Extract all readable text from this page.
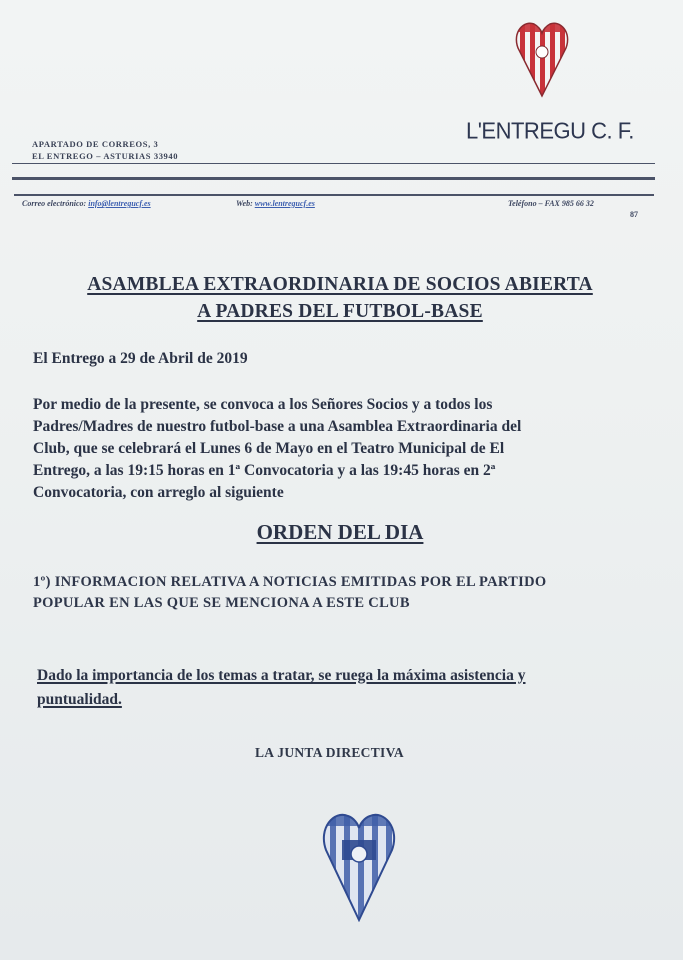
APARTADO DE CORREOS, 3
EL ENTREGO – ASTURIAS 33940
L'ENTREGU C. F.
Correo electrónico: info@lentregucf.es	Web: www.lentregucf.es	Teléfono – FAX 985 66 32
87
ASAMBLEA EXTRAORDINARIA DE SOCIOS ABIERTA
A PADRES DEL FUTBOL-BASE
El Entrego a 29 de Abril de 2019
Por medio de la presente, se convoca a los Señores Socios y a todos los
Padres/Madres de nuestro futbol-base a una Asamblea Extraordinaria del
Club, que se celebrará el Lunes 6 de Mayo en el Teatro Municipal de El
Entrego, a las 19:15 horas en 1ª Convocatoria y a las 19:45 horas en 2ª
Convocatoria, con arreglo al siguiente
ORDEN DEL DIA
1º) INFORMACION RELATIVA A NOTICIAS EMITIDAS POR EL PARTIDO
POPULAR EN LAS QUE SE MENCIONA A ESTE CLUB
Dado la importancia de los temas a tratar, se ruega la máxima asistencia y
puntualidad.
LA JUNTA DIRECTIVA
